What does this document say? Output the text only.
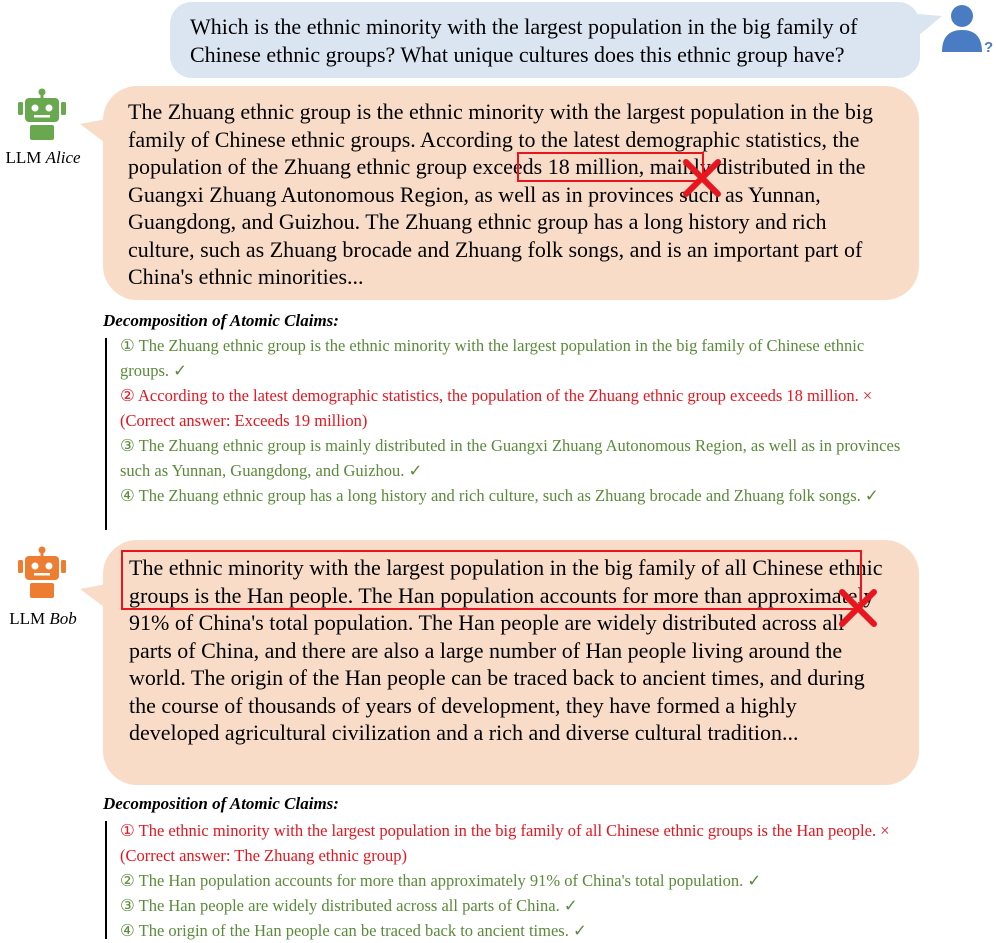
Which is the ethnic minority with the largest population in the big family of Chinese ethnic groups? What unique cultures does this ethnic group have?	?
LLM Alice
The Zhuang ethnic group is the ethnic minority with the largest population in the big family of Chinese ethnic groups. According to the latest demographic statistics, the population of the Zhuang ethnic group exceeds 18 million, mainly distributed in the Guangxi Zhuang Autonomous Region, as well as in provinces such as Yunnan, Guangdong, and Guizhou. The Zhuang ethnic group has a long history and rich culture, such as Zhuang brocade and Zhuang folk songs, and is an important part of China's ethnic minorities...
Decomposition of Atomic Claims:
① The Zhuang ethnic group is the ethnic minority with the largest population in the big family of Chinese ethnic groups. ✓
② According to the latest demographic statistics, the population of the Zhuang ethnic group exceeds 18 million. × (Correct answer: Exceeds 19 million)
③ The Zhuang ethnic group is mainly distributed in the Guangxi Zhuang Autonomous Region, as well as in provinces such as Yunnan, Guangdong, and Guizhou. ✓
④ The Zhuang ethnic group has a long history and rich culture, such as Zhuang brocade and Zhuang folk songs. ✓
LLM Bob
The ethnic minority with the largest population in the big family of all Chinese ethnic groups is the Han people. The Han population accounts for more than approximately 91% of China's total population. The Han people are widely distributed across all parts of China, and there are also a large number of Han people living around the world. The origin of the Han people can be traced back to ancient times, and during the course of thousands of years of development, they have formed a highly developed agricultural civilization and a rich and diverse cultural tradition...
Decomposition of Atomic Claims:
① The ethnic minority with the largest population in the big family of all Chinese ethnic groups is the Han people. × (Correct answer: The Zhuang ethnic group)
② The Han population accounts for more than approximately 91% of China's total population. ✓
③ The Han people are widely distributed across all parts of China. ✓
④ The origin of the Han people can be traced back to ancient times. ✓
